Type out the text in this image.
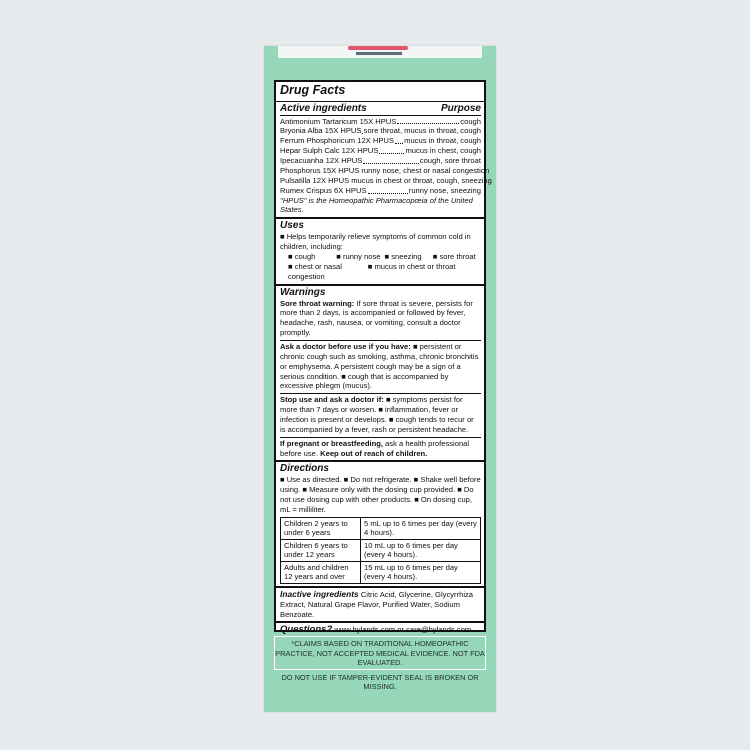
Drug Facts
Active ingredients	Purpose
Antimonium Tartaricum 15X HPUS	cough
Bryonia Alba 15X HPUS sore throat, mucus in throat, cough
Ferrum Phosphoricum 12X HPUS mucus in throat, cough
Hepar Sulph Calc 12X HPUS	mucus in chest, cough
Ipecacuanha 12X HPUS	cough, sore throat
Phosphorus 15X HPUS runny nose, chest or nasal congestion
Pulsatilla 12X HPUS mucus in chest or throat, cough, sneezing
Rumex Crispus 6X HPUS	runny nose, sneezing
"HPUS" is the Homeopathic Pharmacopœia of the United States.
Uses
■ Helps temporarily relieve symptoms of common cold in children, including:
■ cough	■ runny nose ■ sneezing	■ sore throat
■ chest or nasal congestion
■ mucus in chest or throat
Warnings
Sore throat warning: If sore throat is severe, persists for more than 2 days, is accompanied or followed by fever, headache, rash, nausea, or vomiting, consult a doctor promptly.
Ask a doctor before use if you have: ■ persistent or chronic cough such as smoking, asthma, chronic bronchitis or emphysema. A persistent cough may be a sign of a serious condition. ■ cough that is accompanied by excessive phlegm (mucus).
Stop use and ask a doctor if: ■ symptoms persist for more than 7 days or worsen. ■ inflammation, fever or infection is present or develops. ■ cough tends to recur or is accompanied by a fever, rash or persistent headache.
If pregnant or breastfeeding, ask a health professional before use. Keep out of reach of children.
Directions
■ Use as directed. ■ Do not refrigerate. ■ Shake well before using. ■ Measure only with the dosing cup provided. ■ Do not use dosing cup with other products. ■ On dosing cup, mL = milliliter.
Children 2 years to under 6 years	5 mL up to 6 times per day (every 4 hours).
Children 6 years to under 12 years	10 mL up to 6 times per day (every 4 hours).
Adults and children 12 years and over	15 mL up to 6 times per day (every 4 hours).
Inactive ingredients Citric Acid, Glycerine, Glycyrrhiza Extract, Natural Grape Flavor, Purified Water, Sodium Benzoate.
Questions? www.hylands.com or care@hylands.com
*CLAIMS BASED ON TRADITIONAL HOMEOPATHIC PRACTICE, NOT ACCEPTED MEDICAL EVIDENCE. NOT FDA EVALUATED.
DO NOT USE IF TAMPER-EVIDENT SEAL IS BROKEN OR MISSING.
